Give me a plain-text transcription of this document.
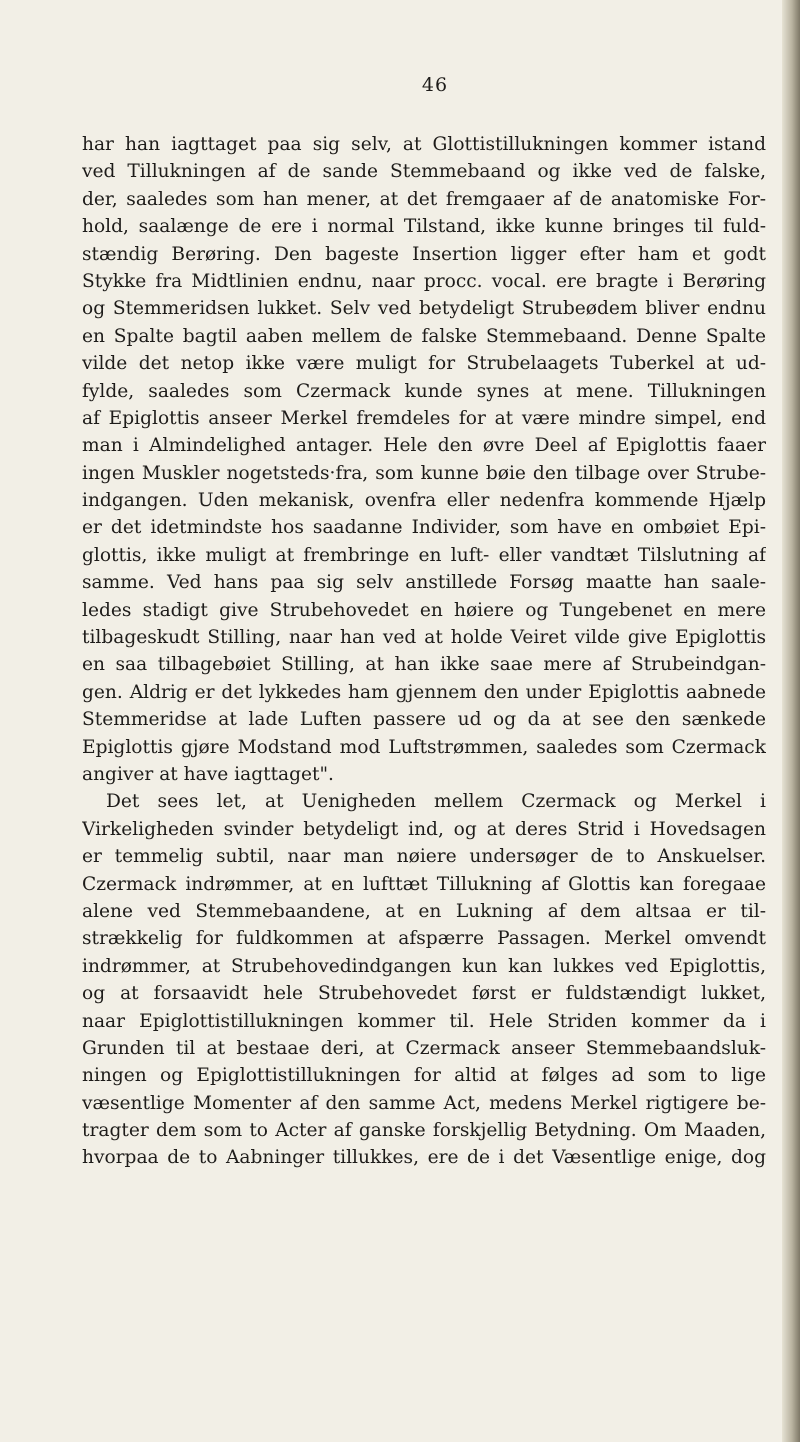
46
har han iagttaget paa sig selv, at Glottistillukningen kommer istand
ved Tillukningen af de sande Stemmebaand og ikke ved de falske,
der, saaledes som han mener, at det fremgaaer af de anatomiske For-
hold, saalænge de ere i normal Tilstand, ikke kunne bringes til fuld-
stændig Berøring. Den bageste Insertion ligger efter ham et godt
Stykke fra Midtlinien endnu, naar procc. vocal. ere bragte i Berøring
og Stemmeridsen lukket. Selv ved betydeligt Strubeødem bliver endnu
en Spalte bagtil aaben mellem de falske Stemmebaand. Denne Spalte
vilde det netop ikke være muligt for Strubelaagets Tuberkel at ud-
fylde, saaledes som Czermack kunde synes at mene. Tillukningen
af Epiglottis anseer Merkel fremdeles for at være mindre simpel, end
man i Almindelighed antager. Hele den øvre Deel af Epiglottis faaer
ingen Muskler nogetsteds·fra, som kunne bøie den tilbage over Strube-
indgangen. Uden mekanisk, ovenfra eller nedenfra kommende Hjælp
er det idetmindste hos saadanne Individer, som have en ombøiet Epi-
glottis, ikke muligt at frembringe en luft- eller vandtæt Tilslutning af
samme. Ved hans paa sig selv anstillede Forsøg maatte han saale-
ledes stadigt give Strubehovedet en høiere og Tungebenet en mere
tilbageskudt Stilling, naar han ved at holde Veiret vilde give Epiglottis
en saa tilbagebøiet Stilling, at han ikke saae mere af Strubeindgan-
gen. Aldrig er det lykkedes ham gjennem den under Epiglottis aabnede
Stemmeridse at lade Luften passere ud og da at see den sænkede
Epiglottis gjøre Modstand mod Luftstrømmen, saaledes som Czermack
angiver at have iagttaget".
Det sees let, at Uenigheden mellem Czermack og Merkel i
Virkeligheden svinder betydeligt ind, og at deres Strid i Hovedsagen
er temmelig subtil, naar man nøiere undersøger de to Anskuelser.
Czermack indrømmer, at en lufttæt Tillukning af Glottis kan foregaae
alene ved Stemmebaandene, at en Lukning af dem altsaa er til-
strækkelig for fuldkommen at afspærre Passagen. Merkel omvendt
indrømmer, at Strubehovedindgangen kun kan lukkes ved Epiglottis,
og at forsaavidt hele Strubehovedet først er fuldstændigt lukket,
naar Epiglottistillukningen kommer til. Hele Striden kommer da i
Grunden til at bestaae deri, at Czermack anseer Stemmebaandsluk-
ningen og Epiglottistillukningen for altid at følges ad som to lige
væsentlige Momenter af den samme Act, medens Merkel rigtigere be-
tragter dem som to Acter af ganske forskjellig Betydning. Om Maaden,
hvorpaa de to Aabninger tillukkes, ere de i det Væsentlige enige, dog
